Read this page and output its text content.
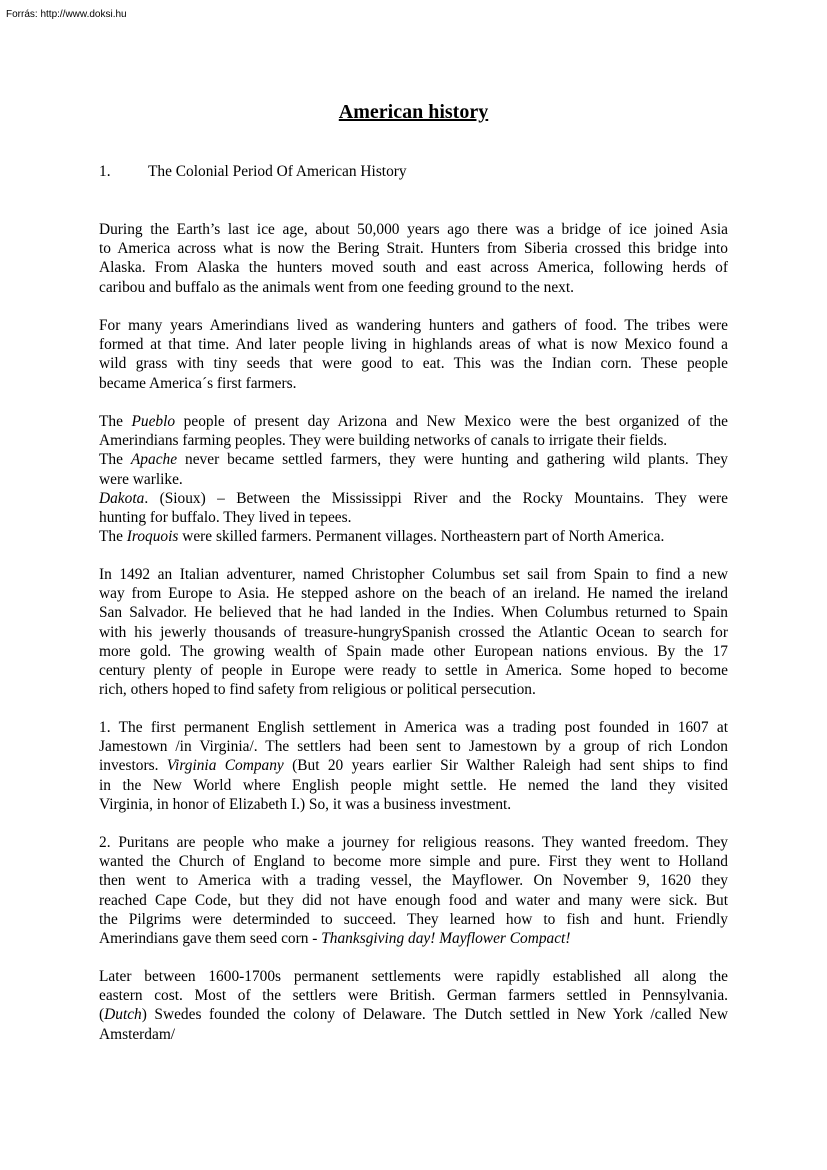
Forrás: http://www.doksi.hu
American history
1. The Colonial Period Of American History

During the Earth’s last ice age, about 50,000 years ago there was a bridge of ice joined Asia
to America across what is now the Bering Strait. Hunters from Siberia crossed this bridge into
Alaska. From Alaska the hunters moved south and east across America, following herds of
caribou and buffalo as the animals went from one feeding ground to the next.

For many years Amerindians lived as wandering hunters and gathers of food. The tribes were
formed at that time. And later people living in highlands areas of what is now Mexico found a
wild grass with tiny seeds that were good to eat. This was the Indian corn. These people
became America´s first farmers.

The Pueblo people of present day Arizona and New Mexico were the best organized of the
Amerindians farming peoples. They were building networks of canals to irrigate their fields.
The Apache never became settled farmers, they were hunting and gathering wild plants. They
were warlike.
Dakota. (Sioux) – Between the Mississippi River and the Rocky Mountains. They were
hunting for buffalo. They lived in tepees.
The Iroquois were skilled farmers. Permanent villages. Northeastern part of North America.

In 1492 an Italian adventurer, named Christopher Columbus set sail from Spain to find a new
way from Europe to Asia. He stepped ashore on the beach of an ireland. He named the ireland
San Salvador. He believed that he had landed in the Indies. When Columbus returned to Spain
with his jewerly thousands of treasure-hungrySpanish crossed the Atlantic Ocean to search for
more gold. The growing wealth of Spain made other European nations envious. By the 17
century plenty of people in Europe were ready to settle in America. Some hoped to become
rich, others hoped to find safety from religious or political persecution.

1. The first permanent English settlement in America was a trading post founded in 1607 at
Jamestown /in Virginia/. The settlers had been sent to Jamestown by a group of rich London
investors. Virginia Company (But 20 years earlier Sir Walther Raleigh had sent ships to find
in the New World where English people might settle. He nemed the land they visited
Virginia, in honor of Elizabeth I.) So, it was a business investment.

2. Puritans are people who make a journey for religious reasons. They wanted freedom. They
wanted the Church of England to become more simple and pure. First they went to Holland
then went to America with a trading vessel, the Mayflower. On November 9, 1620 they
reached Cape Code, but they did not have enough food and water and many were sick. But
the Pilgrims were determinded to succeed. They learned how to fish and hunt. Friendly
Amerindians gave them seed corn - Thanksgiving day! Mayflower Compact!

Later between 1600-1700s permanent settlements were rapidly established all along the
eastern cost. Most of the settlers were British. German farmers settled in Pennsylvania.
(Dutch) Swedes founded the colony of Delaware. The Dutch settled in New York /called New
Amsterdam/
